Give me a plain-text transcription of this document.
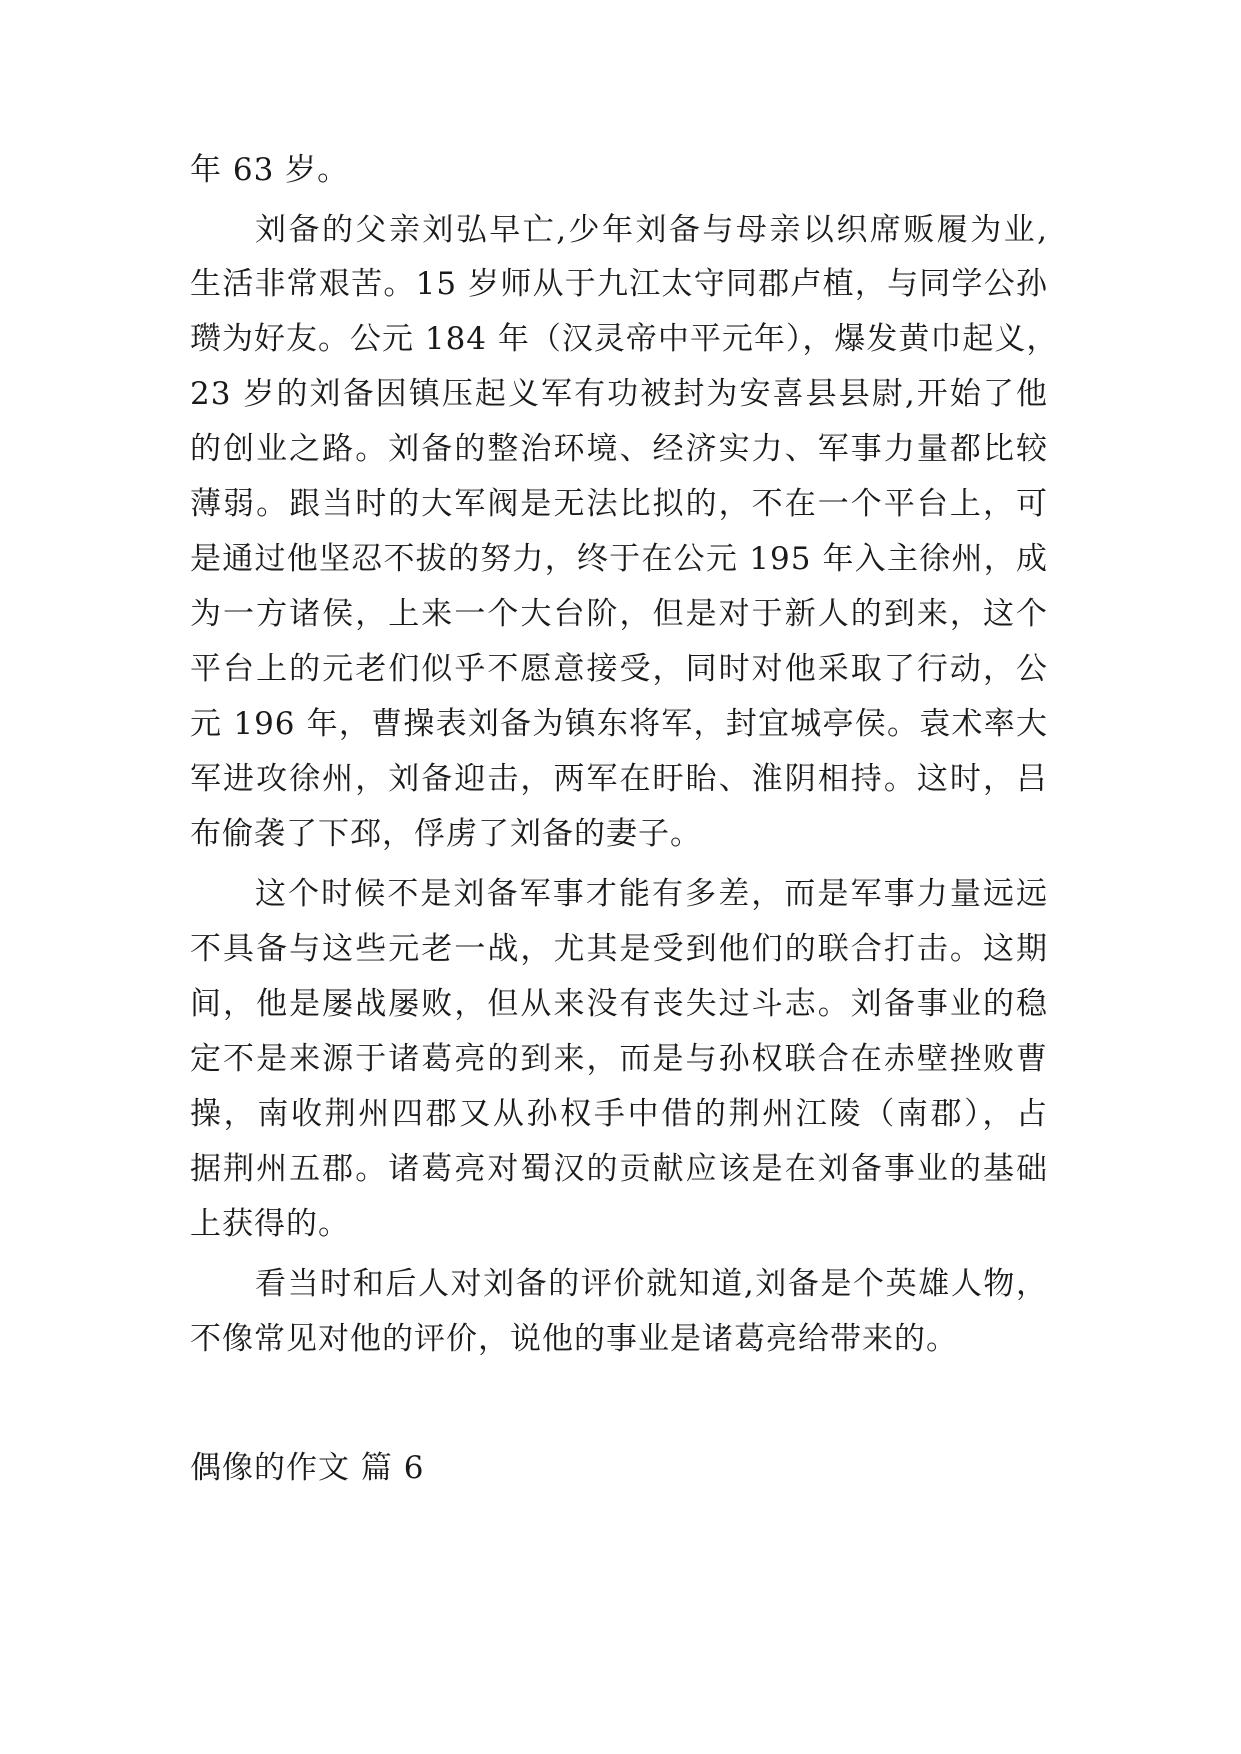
年 63 岁。
刘备的父亲刘弘早亡,少年刘备与母亲以织席贩履为业,
生活非常艰苦。15 岁师从于九江太守同郡卢植，与同学公孙
瓒为好友。公元 184 年（汉灵帝中平元年），爆发黄巾起义，
23 岁的刘备因镇压起义军有功被封为安喜县县尉,开始了他
的创业之路。刘备的整治环境、经济实力、军事力量都比较
薄弱。跟当时的大军阀是无法比拟的，不在一个平台上，可
是通过他坚忍不拔的努力，终于在公元 195 年入主徐州，成
为一方诸侯，上来一个大台阶，但是对于新人的到来，这个
平台上的元老们似乎不愿意接受，同时对他采取了行动，公
元 196 年，曹操表刘备为镇东将军，封宜城亭侯。袁术率大
军进攻徐州，刘备迎击，两军在盱眙、淮阴相持。这时，吕
布偷袭了下邳，俘虏了刘备的妻子。
这个时候不是刘备军事才能有多差，而是军事力量远远
不具备与这些元老一战，尤其是受到他们的联合打击。这期
间，他是屡战屡败，但从来没有丧失过斗志。刘备事业的稳
定不是来源于诸葛亮的到来，而是与孙权联合在赤壁挫败曹
操，南收荆州四郡又从孙权手中借的荆州江陵（南郡），占
据荆州五郡。诸葛亮对蜀汉的贡献应该是在刘备事业的基础
上获得的。
看当时和后人对刘备的评价就知道,刘备是个英雄人物，
不像常见对他的评价，说他的事业是诸葛亮给带来的。
偶像的作文 篇 6
